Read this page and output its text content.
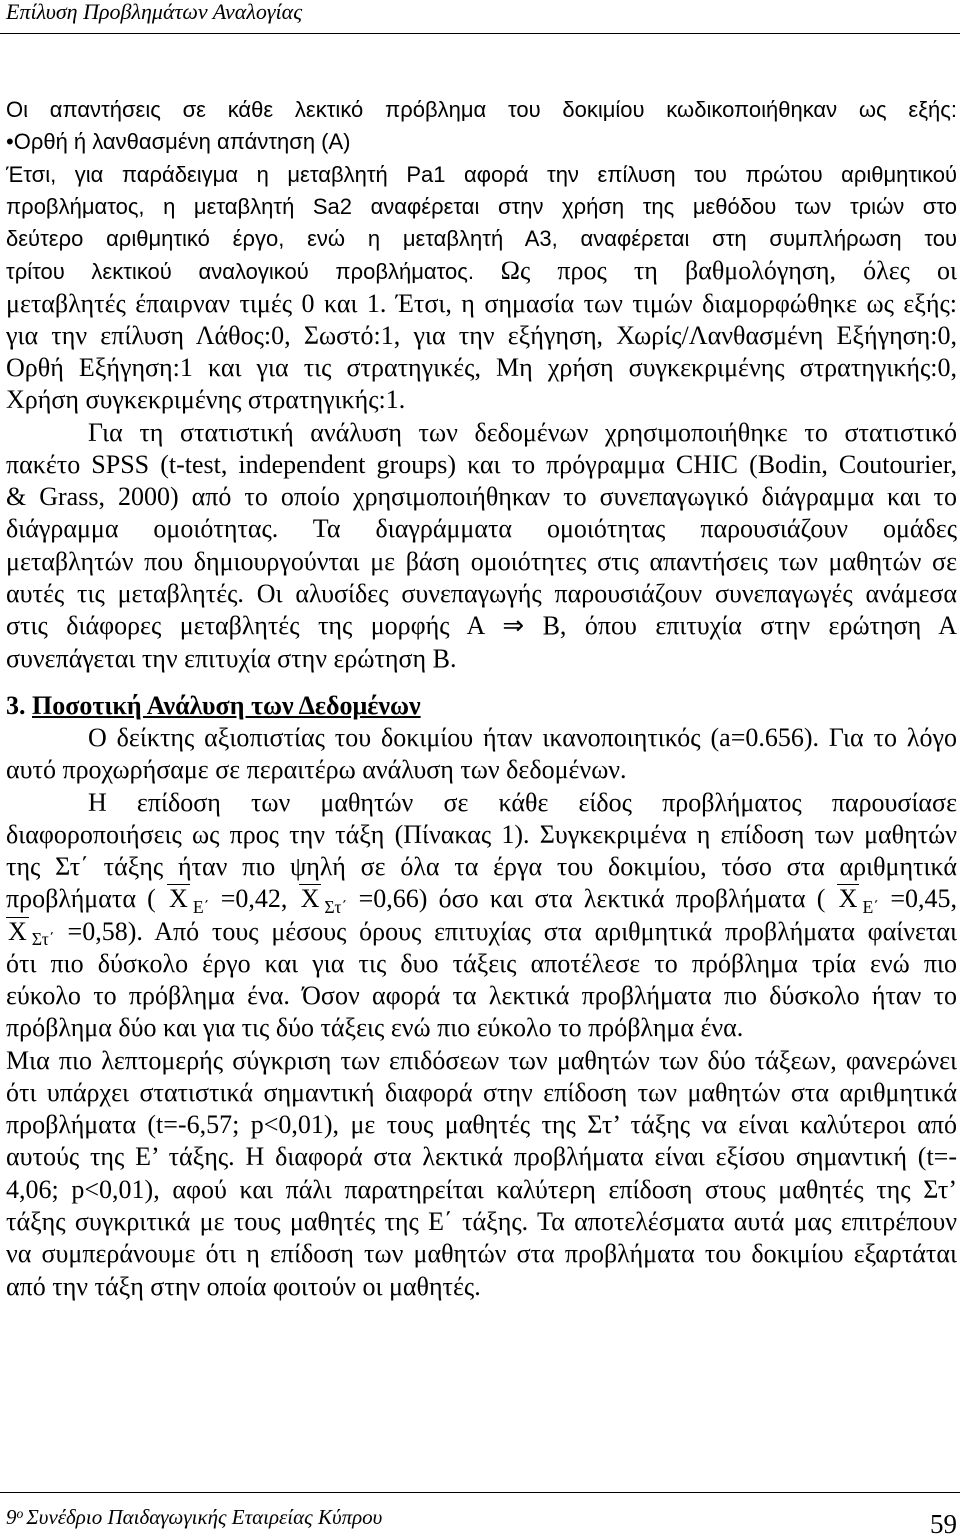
Επίλυση Προβλημάτων Αναλογίας
Οι απαντήσεις σε κάθε λεκτικό πρόβλημα του δοκιμίου κωδικοποιήθηκαν ως εξής:
•Ορθή ή λανθασμένη απάντηση (Α)
Έτσι, για παράδειγμα η μεταβλητή Pa1 αφορά την επίλυση του πρώτου αριθμητικού
προβλήματος, η μεταβλητή Sa2 αναφέρεται στην χρήση της μεθόδου των τριών στο
δεύτερο αριθμητικό έργο, ενώ η μεταβλητή Α3, αναφέρεται στη συμπλήρωση του
τρίτου λεκτικού αναλογικού προβλήματος. Ως προς τη βαθμολόγηση, όλες οι
μεταβλητές έπαιρναν τιμές 0 και 1. Έτσι, η σημασία των τιμών διαμορφώθηκε ως εξής:
για την επίλυση Λάθος:0, Σωστό:1, για την εξήγηση, Χωρίς/Λανθασμένη Εξήγηση:0,
Ορθή Εξήγηση:1 και για τις στρατηγικές, Μη χρήση συγκεκριμένης στρατηγικής:0,
Χρήση συγκεκριμένης στρατηγικής:1.
Για τη στατιστική ανάλυση των δεδομένων χρησιμοποιήθηκε το στατιστικό
πακέτο SPSS (t-test, independent groups) και το πρόγραμμα CHIC (Bodin, Coutourier,
& Grass, 2000) από το οποίο χρησιμοποιήθηκαν το συνεπαγωγικό διάγραμμα και το
διάγραμμα ομοιότητας. Τα διαγράμματα ομοιότητας παρουσιάζουν ομάδες
μεταβλητών που δημιουργούνται με βάση ομοιότητες στις απαντήσεις των μαθητών σε
αυτές τις μεταβλητές. Οι αλυσίδες συνεπαγωγής παρουσιάζουν συνεπαγωγές ανάμεσα
στις διάφορες μεταβλητές της μορφής Α ⇒ Β, όπου επιτυχία στην ερώτηση Α
συνεπάγεται την επιτυχία στην ερώτηση Β.
3. Ποσοτική Ανάλυση των Δεδομένων
Ο δείκτης αξιοπιστίας του δοκιμίου ήταν ικανοποιητικός (a=0.656). Για το λόγο
αυτό προχωρήσαμε σε περαιτέρω ανάλυση των δεδομένων.
Η επίδοση των μαθητών σε κάθε είδος προβλήματος παρουσίασε
διαφοροποιήσεις ως προς την τάξη (Πίνακας 1). Συγκεκριμένα η επίδοση των μαθητών
της Στ΄ τάξης ήταν πιο ψηλή σε όλα τα έργα του δοκιμίου, τόσο στα αριθμητικά
προβλήματα ( X $_{E΄}$ =0,42, X $_{\Sigma\tau΄}$ =0,66) όσο και στα λεκτικά προβλήματα ( X $_{E΄}$ =0,45,
X $_{\Sigma\tau΄}$ =0,58). Από τους μέσους όρους επιτυχίας στα αριθμητικά προβλήματα φαίνεται
ότι πιο δύσκολο έργο και για τις δυο τάξεις αποτέλεσε το πρόβλημα τρία ενώ πιο
εύκολο το πρόβλημα ένα. Όσον αφορά τα λεκτικά προβλήματα πιο δύσκολο ήταν το
πρόβλημα δύο και για τις δύο τάξεις ενώ πιο εύκολο το πρόβλημα ένα.
Μια πιο λεπτομερής σύγκριση των επιδόσεων των μαθητών των δύο τάξεων, φανερώνει
ότι υπάρχει στατιστικά σημαντική διαφορά στην επίδοση των μαθητών στα αριθμητικά
προβλήματα (t=-6,57; p<0,01), με τους μαθητές της Στ’ τάξης να είναι καλύτεροι από
αυτούς της Ε’ τάξης. Η διαφορά στα λεκτικά προβλήματα είναι εξίσου σημαντική (t=-
4,06; p<0,01), αφού και πάλι παρατηρείται καλύτερη επίδοση στους μαθητές της Στ’
τάξης συγκριτικά με τους μαθητές της Ε΄ τάξης. Τα αποτελέσματα αυτά μας επιτρέπουν
να συμπεράνουμε ότι η επίδοση των μαθητών στα προβλήματα του δοκιμίου εξαρτάται
από την τάξη στην οποία φοιτούν οι μαθητές.
$9^o$ Συνέδριο Παιδαγωγικής Εταιρείας Κύπρου	59
